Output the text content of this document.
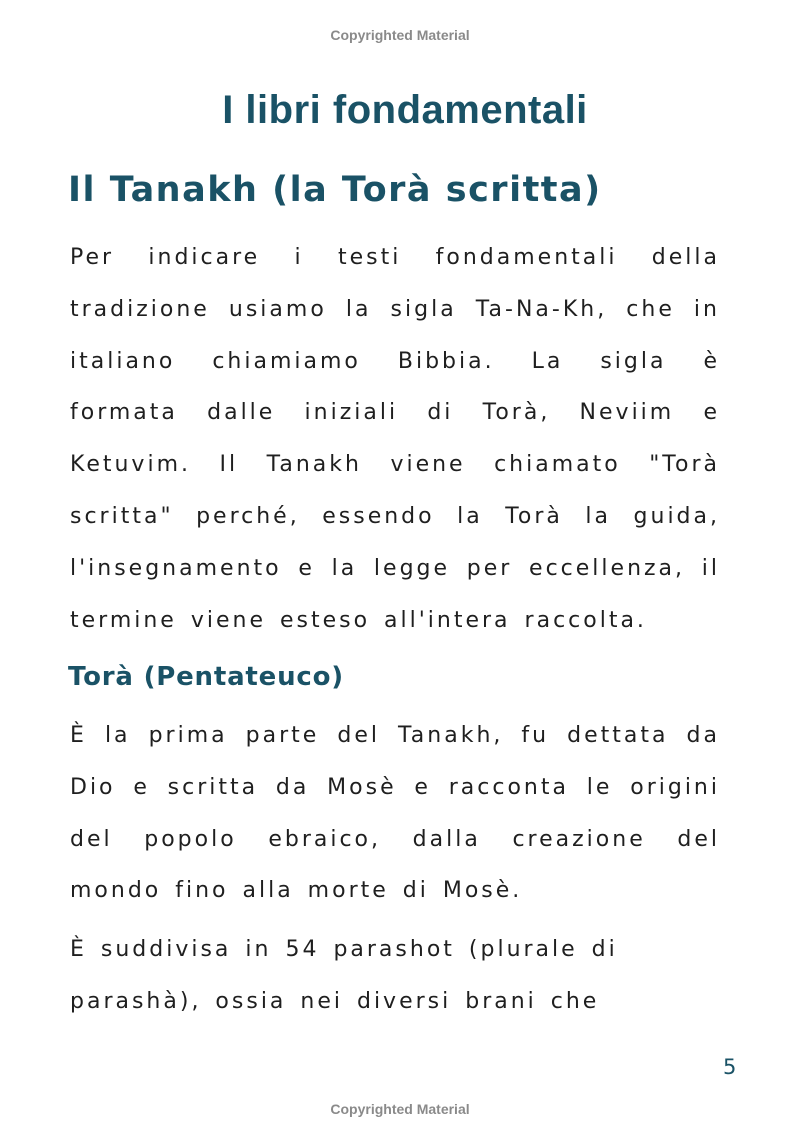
Copyrighted Material
I libri fondamentali
Il Tanakh (la Torà scritta)

Per indicare i testi fondamentali della tradizione usiamo la sigla Ta-Na-Kh, che in italiano chiamiamo Bibbia. La sigla è formata dalle iniziali di Torà, Neviim e Ketuvim. Il Tanakh viene chiamato "Torà scritta" perché, essendo la Torà la guida, l'insegnamento e la legge per eccellenza, il termine viene esteso all'intera raccolta.

Torà (Pentateuco)

È la prima parte del Tanakh, fu dettata da Dio e scritta da Mosè e racconta le origini del popolo ebraico, dalla creazione del mondo fino alla morte di Mosè.

È suddivisa in 54 parashot (plurale di parashà), ossia nei diversi brani che

5
Copyrighted Material
